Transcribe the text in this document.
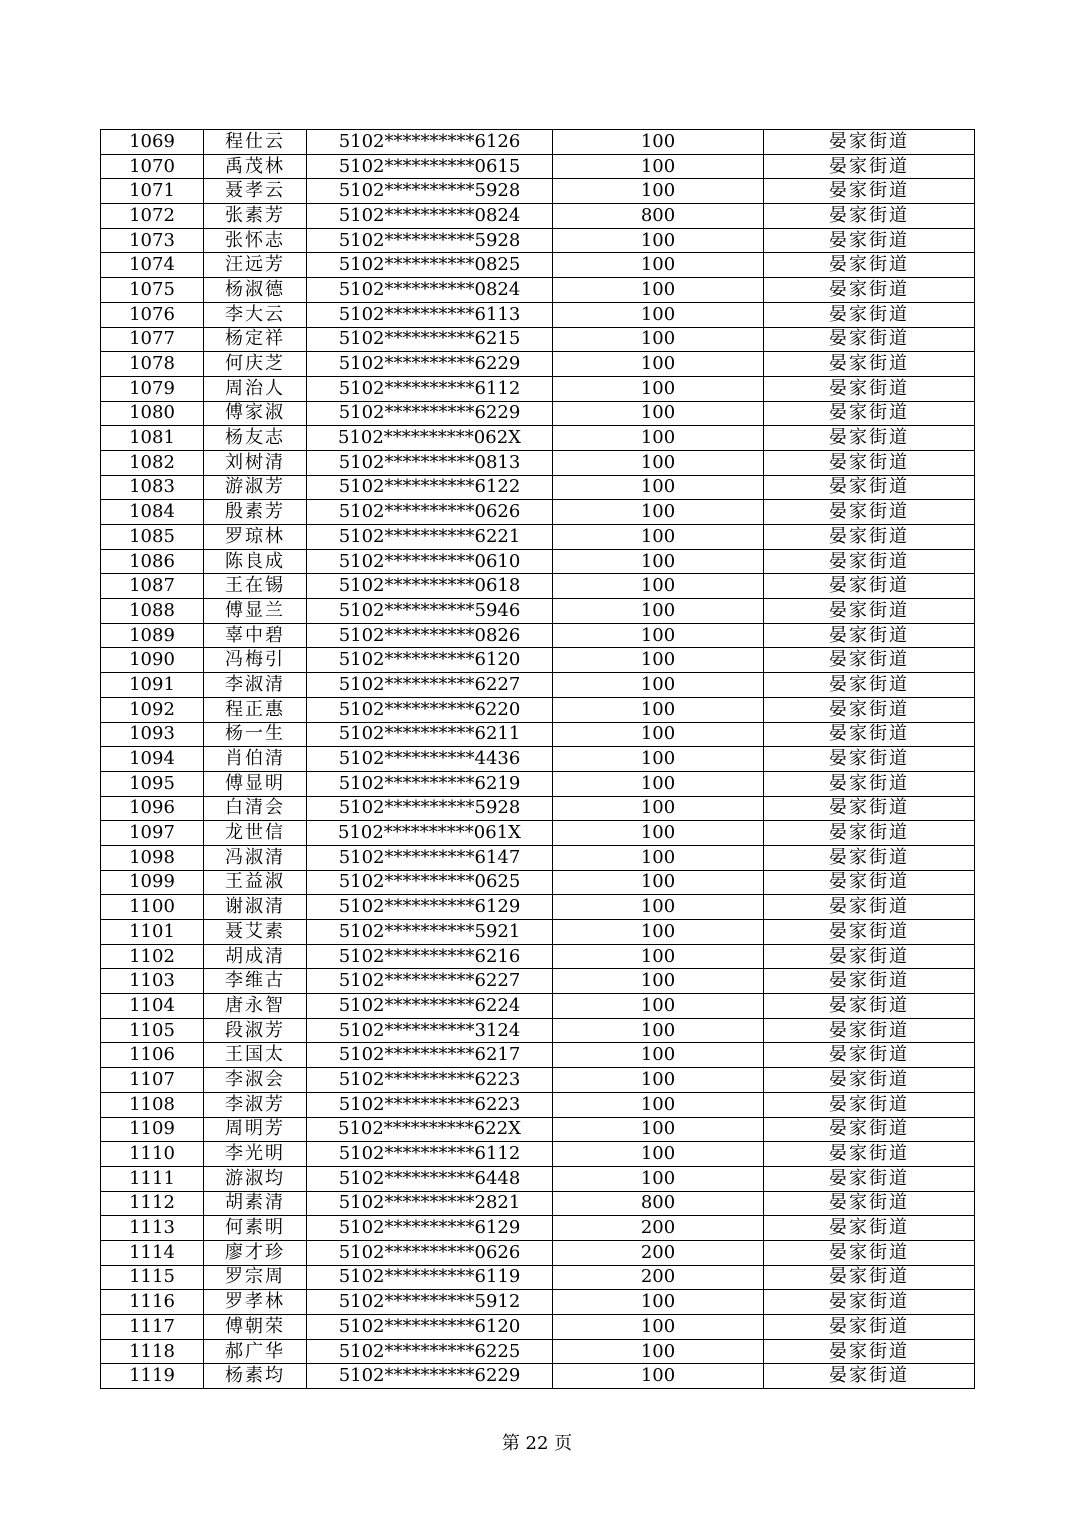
1069	程仕云	5102**********6126	100	晏家街道
1070	禹茂林	5102**********0615	100	晏家街道
1071	聂孝云	5102**********5928	100	晏家街道
1072	张素芳	5102**********0824	800	晏家街道
1073	张怀志	5102**********5928	100	晏家街道
1074	汪远芳	5102**********0825	100	晏家街道
1075	杨淑德	5102**********0824	100	晏家街道
1076	李大云	5102**********6113	100	晏家街道
1077	杨定祥	5102**********6215	100	晏家街道
1078	何庆芝	5102**********6229	100	晏家街道
1079	周治人	5102**********6112	100	晏家街道
1080	傅家淑	5102**********6229	100	晏家街道
1081	杨友志	5102**********062X	100	晏家街道
1082	刘树清	5102**********0813	100	晏家街道
1083	游淑芳	5102**********6122	100	晏家街道
1084	殷素芳	5102**********0626	100	晏家街道
1085	罗琼林	5102**********6221	100	晏家街道
1086	陈良成	5102**********0610	100	晏家街道
1087	王在锡	5102**********0618	100	晏家街道
1088	傅显兰	5102**********5946	100	晏家街道
1089	辜中碧	5102**********0826	100	晏家街道
1090	冯梅引	5102**********6120	100	晏家街道
1091	李淑清	5102**********6227	100	晏家街道
1092	程正惠	5102**********6220	100	晏家街道
1093	杨一生	5102**********6211	100	晏家街道
1094	肖伯清	5102**********4436	100	晏家街道
1095	傅显明	5102**********6219	100	晏家街道
1096	白清会	5102**********5928	100	晏家街道
1097	龙世信	5102**********061X	100	晏家街道
1098	冯淑清	5102**********6147	100	晏家街道
1099	王益淑	5102**********0625	100	晏家街道
1100	谢淑清	5102**********6129	100	晏家街道
1101	聂艾素	5102**********5921	100	晏家街道
1102	胡成清	5102**********6216	100	晏家街道
1103	李维古	5102**********6227	100	晏家街道
1104	唐永智	5102**********6224	100	晏家街道
1105	段淑芳	5102**********3124	100	晏家街道
1106	王国太	5102**********6217	100	晏家街道
1107	李淑会	5102**********6223	100	晏家街道
1108	李淑芳	5102**********6223	100	晏家街道
1109	周明芳	5102**********622X	100	晏家街道
1110	李光明	5102**********6112	100	晏家街道
1111	游淑均	5102**********6448	100	晏家街道
1112	胡素清	5102**********2821	800	晏家街道
1113	何素明	5102**********6129	200	晏家街道
1114	廖才珍	5102**********0626	200	晏家街道
1115	罗宗周	5102**********6119	200	晏家街道
1116	罗孝林	5102**********5912	100	晏家街道
1117	傅朝荣	5102**********6120	100	晏家街道
1118	郝广华	5102**********6225	100	晏家街道
1119	杨素均	5102**********6229	100	晏家街道
第 22 页
